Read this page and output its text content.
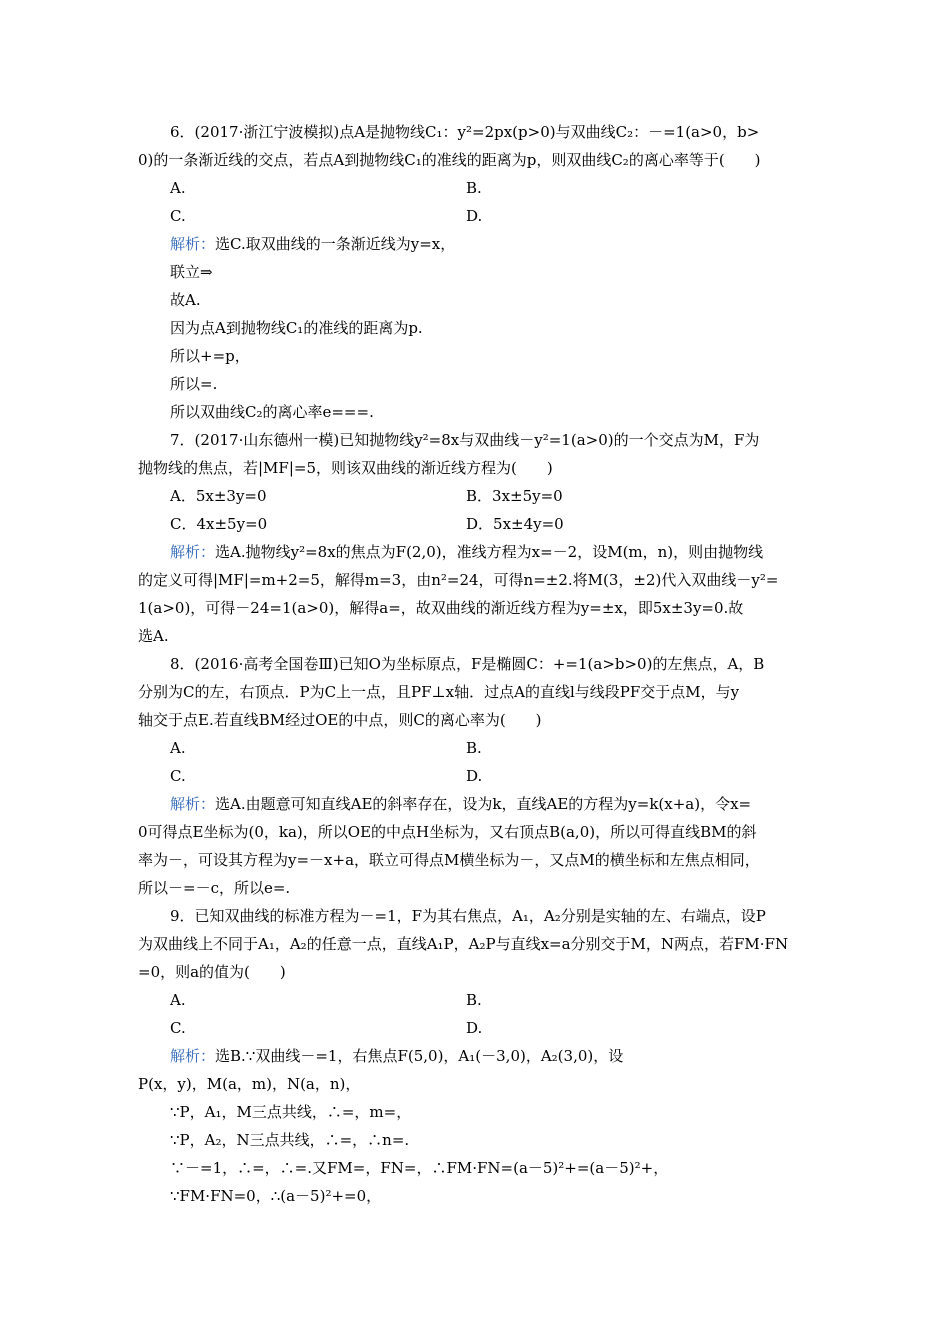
6．(2017·浙江宁波模拟)点A是抛物线C₁：y²=2px(p>0)与双曲线C₂：－=1(a>0，b>
0)的一条渐近线的交点，若点A到抛物线C₁的准线的距离为p，则双曲线C₂的离心率等于(　　)
A.	B.
C.	D.
解析：选C.取双曲线的一条渐近线为y=x，
联立⇒
故A.
因为点A到抛物线C₁的准线的距离为p.
所以+=p，
所以=.
所以双曲线C₂的离心率e===.
7．(2017·山东德州一模)已知抛物线y²=8x与双曲线－y²=1(a>0)的一个交点为M，F为
抛物线的焦点，若|MF|=5，则该双曲线的渐近线方程为(　　)
A．5x±3y=0	B．3x±5y=0
C．4x±5y=0	D．5x±4y=0
解析：选A.抛物线y²=8x的焦点为F(2,0)，准线方程为x=－2，设M(m，n)，则由抛物线
的定义可得|MF|=m+2=5，解得m=3，由n²=24，可得n=±2.将M(3，±2)代入双曲线－y²=
1(a>0)，可得－24=1(a>0)，解得a=，故双曲线的渐近线方程为y=±x，即5x±3y=0.故
选A.
8．(2016·高考全国卷Ⅲ)已知O为坐标原点，F是椭圆C：+=1(a>b>0)的左焦点，A，B
分别为C的左，右顶点．P为C上一点，且PF⊥x轴．过点A的直线l与线段PF交于点M，与y
轴交于点E.若直线BM经过OE的中点，则C的离心率为(　　)
A.	B.
C.	D.
解析：选A.由题意可知直线AE的斜率存在，设为k，直线AE的方程为y=k(x+a)，令x=
0可得点E坐标为(0，ka)，所以OE的中点H坐标为，又右顶点B(a,0)，所以可得直线BM的斜
率为－，可设其方程为y=－x+a，联立可得点M横坐标为－，又点M的横坐标和左焦点相同，
所以－=－c，所以e=.
9．已知双曲线的标准方程为－=1，F为其右焦点，A₁，A₂分别是实轴的左、右端点，设P
为双曲线上不同于A₁，A₂的任意一点，直线A₁P，A₂P与直线x=a分别交于M，N两点，若FM·FN
=0，则a的值为(　　)
A.	B.
C.	D.
解析：选B.∵双曲线－=1，右焦点F(5,0)，A₁(－3,0)，A₂(3,0)，设
P(x，y)，M(a，m)，N(a，n)，
∵P，A₁，M三点共线，∴=，m=，
∵P，A₂，N三点共线，∴=，∴n=.
∵－=1，∴=，∴=.又FM=，FN=，∴FM·FN=(a－5)²+=(a－5)²+，
∵FM·FN=0，∴(a－5)²+=0，
